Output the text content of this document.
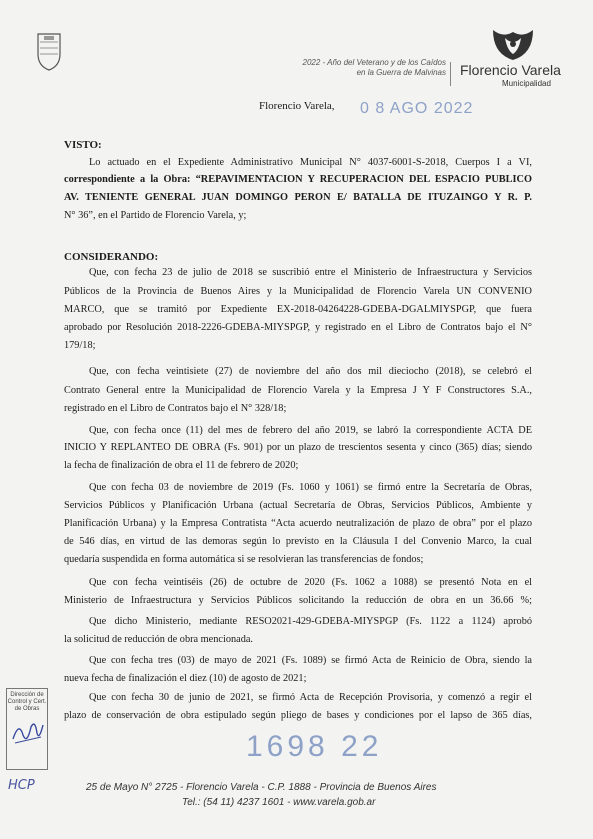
2022 - Año del Veterano y de los Caídos
en la Guerra de Malvinas Florencio Varela
Municipalidad
Florencio Varela, 0 8 AGO 2022
VISTO:
Lo actuado en el Expediente Administrativo Municipal N° 4037-6001-S-2018, Cuerpos I a VI,
correspondiente a la Obra: “REPAVIMENTACION Y RECUPERACION DEL ESPACIO PUBLICO
AV. TENIENTE GENERAL JUAN DOMINGO PERON E/ BATALLA DE ITUZAINGO Y R. P.
N° 36”, en el Partido de Florencio Varela, y;
CONSIDERANDO:
Que, con fecha 23 de julio de 2018 se suscribió entre el Ministerio de Infraestructura y Servicios
Públicos de la Provincia de Buenos Aires y la Municipalidad de Florencio Varela UN CONVENIO
MARCO, que se tramitó por Expediente EX-2018-04264228-GDEBA-DGALMIYSPGP, que fuera
aprobado por Resolución 2018-2226-GDEBA-MIYSPGP, y registrado en el Libro de Contratos bajo el N°
179/18;
Que, con fecha veintisiete (27) de noviembre del año dos mil dieciocho (2018), se celebró el
Contrato General entre la Municipalidad de Florencio Varela y la Empresa J Y F Constructores S.A.,
registrado en el Libro de Contratos bajo el N° 328/18;
Que, con fecha once (11) del mes de febrero del año 2019, se labró la correspondiente ACTA DE
INICIO Y REPLANTEO DE OBRA (Fs. 901) por un plazo de trescientos sesenta y cinco (365) días; siendo
la fecha de finalización de obra el 11 de febrero de 2020;
Que con fecha 03 de noviembre de 2019 (Fs. 1060 y 1061) se firmó entre la Secretaría de Obras,
Servicios Públicos y Planificación Urbana (actual Secretaría de Obras, Servicios Públicos, Ambiente y
Planificación Urbana) y la Empresa Contratista “Acta acuerdo neutralización de plazo de obra” por el plazo
de 546 días, en virtud de las demoras según lo previsto en la Cláusula I del Convenio Marco, la cual
quedaría suspendida en forma automática si se resolvieran las transferencias de fondos;
Que con fecha veintiséis (26) de octubre de 2020 (Fs. 1062 a 1088) se presentó Nota en el
Ministerio de Infraestructura y Servicios Públicos solicitando la reducción de obra en un 36.66 %;
Que dicho Ministerio, mediante RESO2021-429-GDEBA-MIYSPGP (Fs. 1122 a 1124) aprobó
la solicitud de reducción de obra mencionada.
Que con fecha tres (03) de mayo de 2021 (Fs. 1089) se firmó Acta de Reinicio de Obra, siendo la
nueva fecha de finalización el diez (10) de agosto de 2021;
Que con fecha 30 de junio de 2021, se firmó Acta de Recepción Provisoria, y comenzó a regir el
plazo de conservación de obra estipulado según pliego de bases y condiciones por el lapso de 365 días,
1698 22
Dirección de
Control y Cert.
de Obras
HCP	25 de Mayo N° 2725 - Florencio Varela - C.P. 1888 - Provincia de Buenos Aires
Tel.: (54 11) 4237 1601 - www.varela.gob.ar
